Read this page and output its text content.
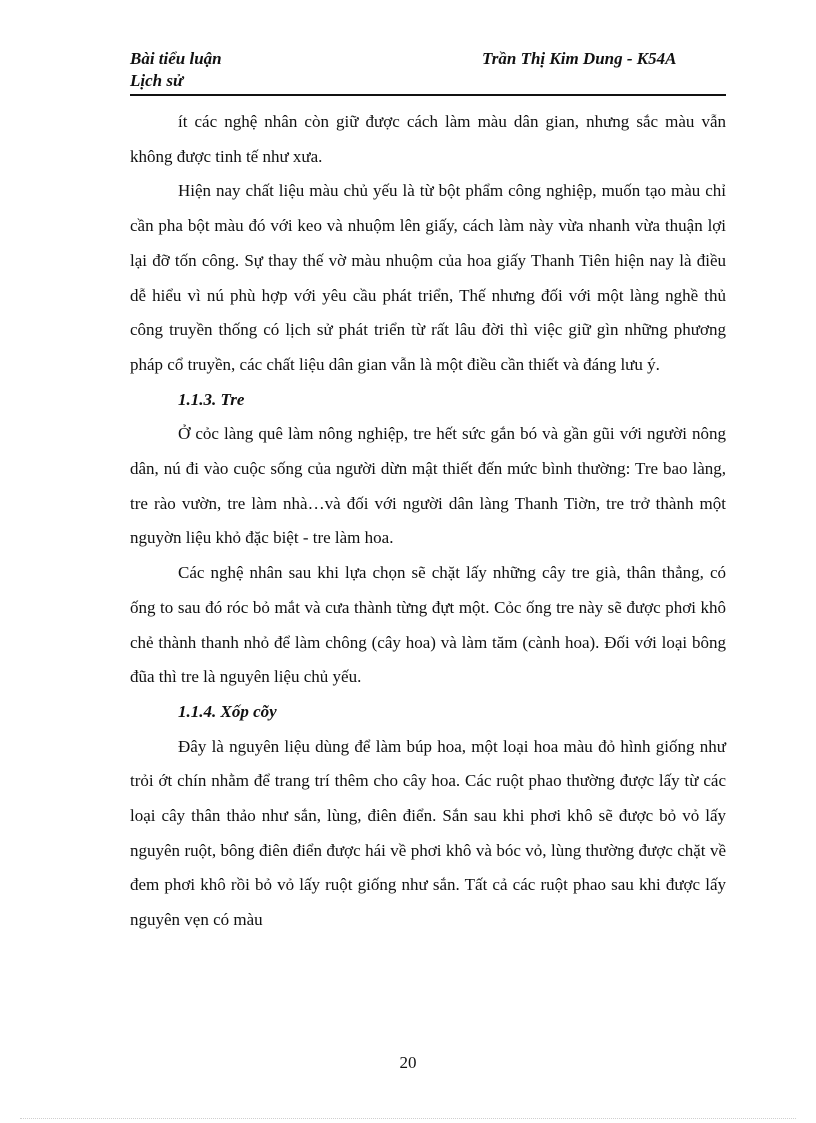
Bài tiểu luận
Lịch sử
Trần Thị Kim Dung - K54A

ít các nghệ nhân còn giữ được cách làm màu dân gian, nhưng sắc màu vẫn không được tinh tế như xưa.

Hiện nay chất liệu màu chủ yếu là từ bột phẩm công nghiệp, muốn tạo màu chỉ cần pha bột màu đó với keo và nhuộm lên giấy, cách làm này vừa nhanh vừa thuận lợi lại đỡ tốn công. Sự thay thế vờ màu nhuộm của hoa giấy Thanh Tiên hiện nay là điều dễ hiểu vì nú phù hợp với yêu cầu phát triển, Thế nhưng đối với một làng nghề thủ công truyền thống có lịch sử phát triển từ rất lâu đời thì việc giữ gìn những phương pháp cổ truyền, các chất liệu dân gian vẫn là một điều cần thiết và đáng lưu ý.

1.1.3. Tre

Ở cỏc làng quê làm nông nghiệp, tre hết sức gắn bó và gần gũi với người nông dân, nú đi vào cuộc sống của người dừn mật thiết đến mức bình thường: Tre bao làng, tre rào vườn, tre làm nhà…và đối với người dân làng Thanh Tiờn, tre trở thành một nguyờn liệu khỏ đặc biệt - tre làm hoa.

Các nghệ nhân sau khi lựa chọn sẽ chặt lấy những cây tre già, thân thẳng, có ống to sau đó róc bỏ mắt và cưa thành từng đựt một. Cỏc ống tre này sẽ được phơi khô chẻ thành thanh nhỏ để làm chông (cây hoa) và làm tăm (cành hoa). Đối với loại bông đũa thì tre là nguyên liệu chủ yếu.

1.1.4. Xốp cõy

Đây là nguyên liệu dùng để làm búp hoa, một loại hoa màu đỏ hình giống như trỏi ớt chín nhằm để trang trí thêm cho cây hoa. Các ruột phao thường được lấy từ các loại cây thân thảo như sắn, lùng, điên điển. Sắn sau khi phơi khô sẽ được bỏ vỏ lấy nguyên ruột, bông điên điển được hái về phơi khô và bóc vỏ, lùng thường được chặt về đem phơi khô rồi bỏ vỏ lấy ruột giống như sắn. Tất cả các ruột phao sau khi được lấy nguyên vẹn có màu

20
